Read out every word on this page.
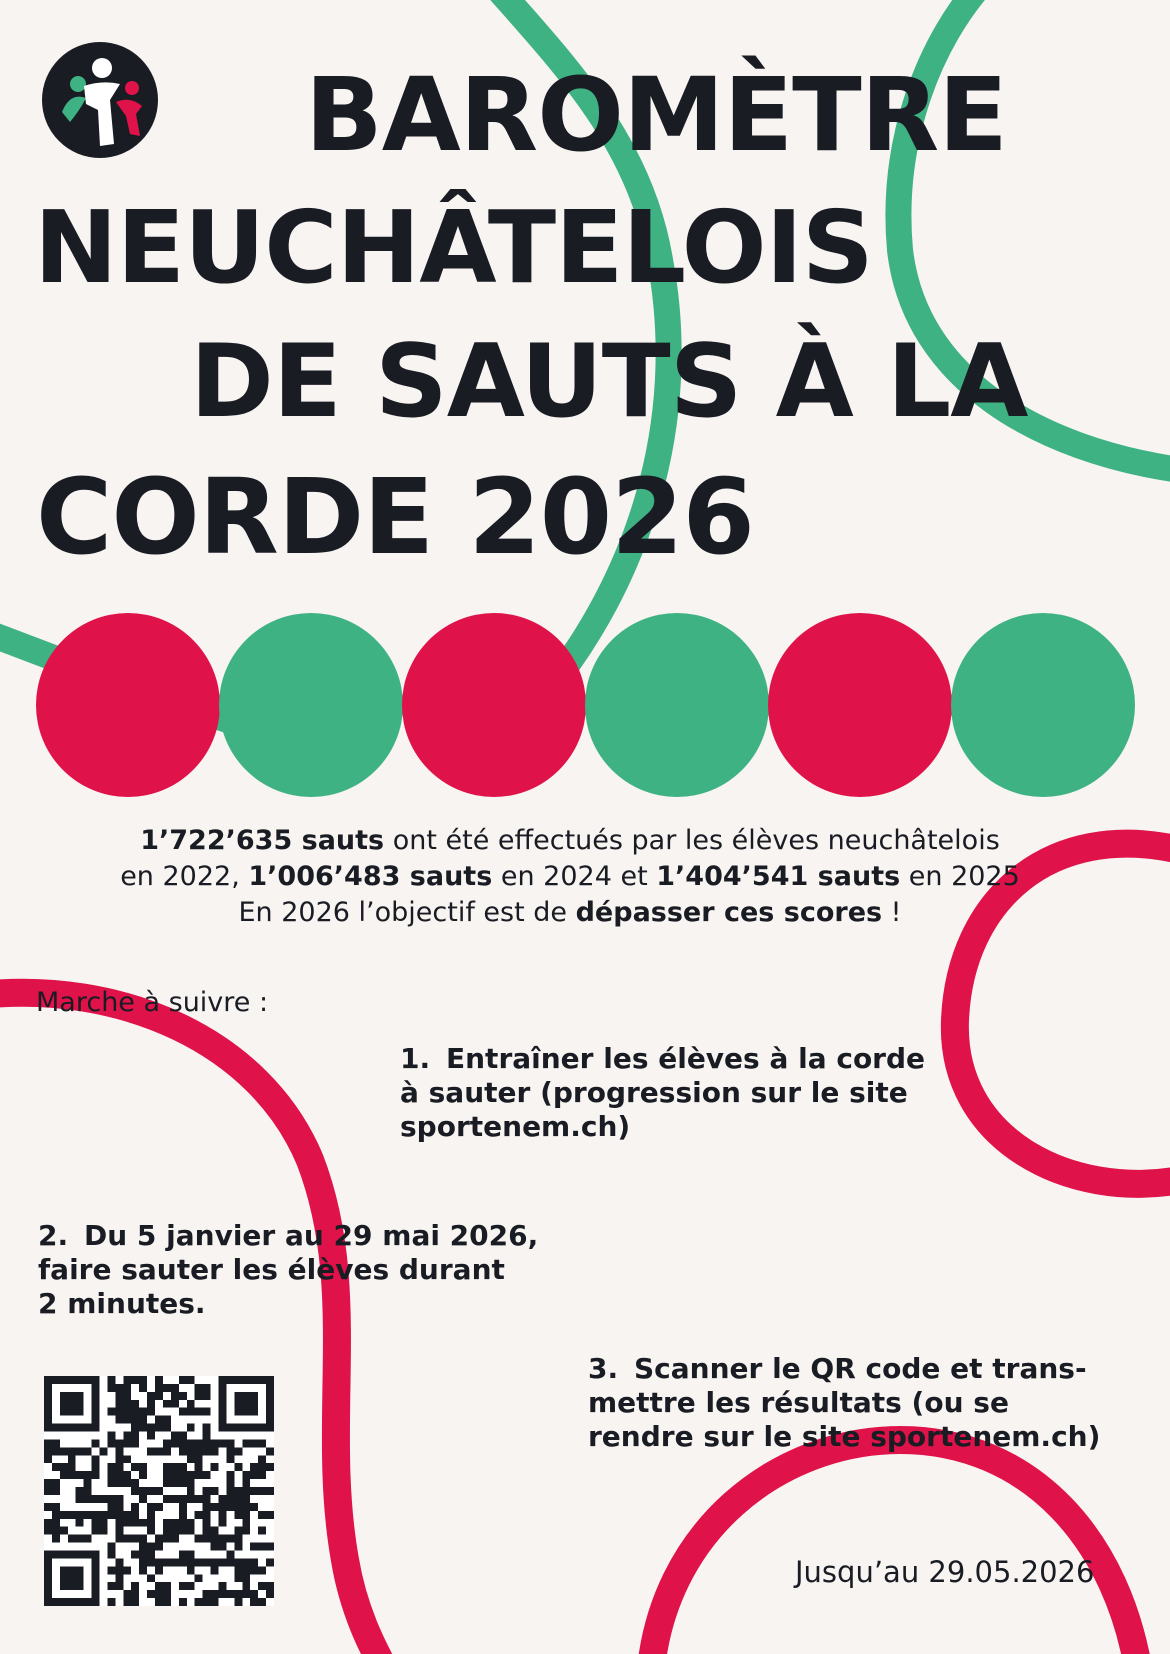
BAROMÈTRE
NEUCHÂTELOIS
DE SAUTS À LA
CORDE 2026
1’722’635 sauts ont été effectués par les élèves neuchâtelois
en 2022, 1’006’483 sauts en 2024 et 1’404’541 sauts en 2025
En 2026 l’objectif est de dépasser ces scores !
Marche à suivre :
1. Entraîner les élèves à la corde
à sauter (progression sur le site
sportenem.ch)
2. Du 5 janvier au 29 mai 2026,
faire sauter les élèves durant
2 minutes.
3. Scanner le QR code et trans-
mettre les résultats (ou se
rendre sur le site sportenem.ch)
Jusqu’au 29.05.2026
